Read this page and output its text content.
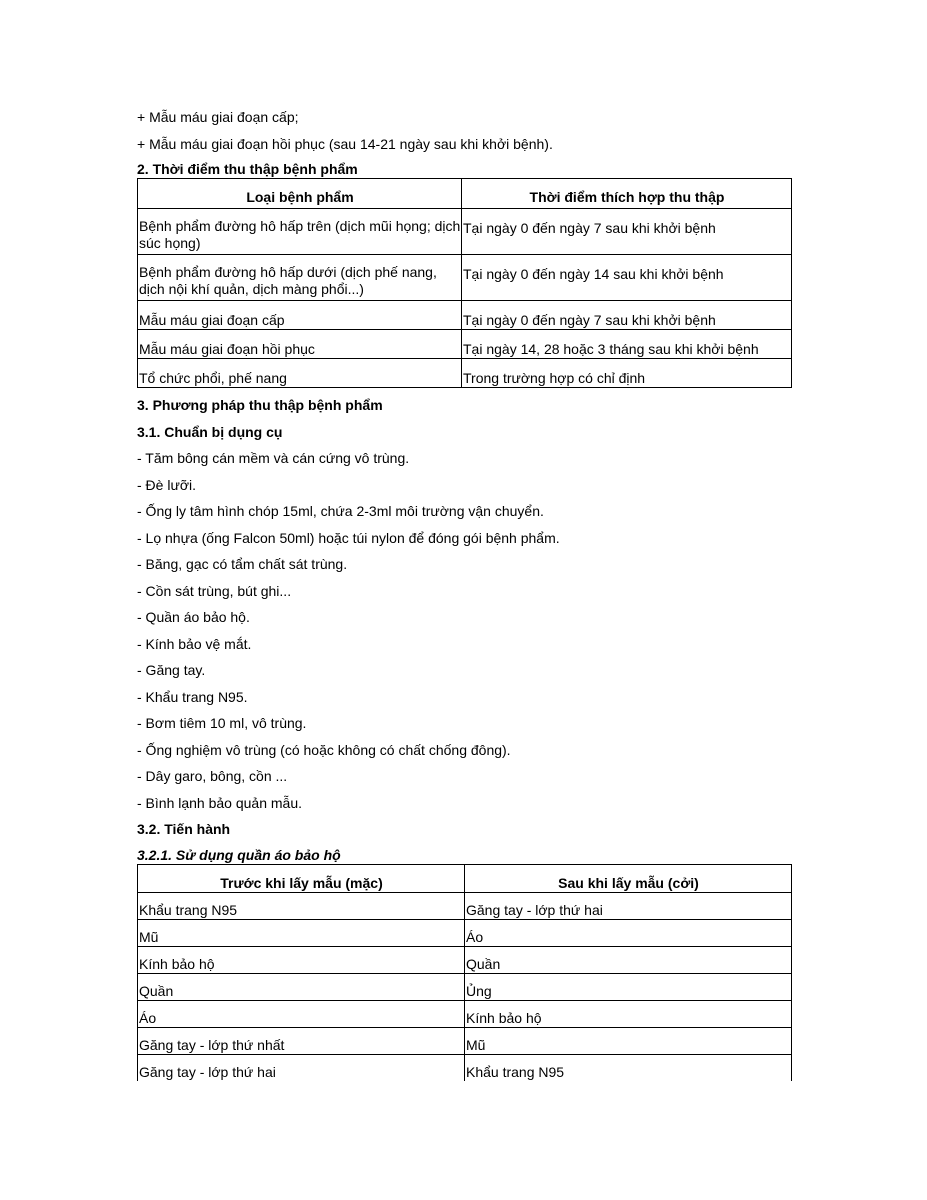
+ Mẫu máu giai đoạn cấp;

+ Mẫu máu giai đoạn hồi phục (sau 14-21 ngày sau khi khởi bệnh).

2. Thời điểm thu thập bệnh phẩm

Loại bệnh phẩm	Thời điểm thích hợp thu thập
Bệnh phẩm đường hô hấp trên (dịch mũi họng; dịch súc họng)	Tại ngày 0 đến ngày 7 sau khi khởi bệnh
Bệnh phẩm đường hô hấp dưới (dịch phế nang, dịch nội khí quản, dịch màng phổi...)	Tại ngày 0 đến ngày 14 sau khi khởi bệnh
Mẫu máu giai đoạn cấp	Tại ngày 0 đến ngày 7 sau khi khởi bệnh
Mẫu máu giai đoạn hồi phục	Tại ngày 14, 28 hoặc 3 tháng sau khi khởi bệnh
Tổ chức phổi, phế nang	Trong trường hợp có chỉ định

3. Phương pháp thu thập bệnh phẩm

3.1. Chuẩn bị dụng cụ

- Tăm bông cán mềm và cán cứng vô trùng.

- Đè lưỡi.

- Ống ly tâm hình chóp 15ml, chứa 2-3ml môi trường vận chuyển.

- Lọ nhựa (ống Falcon 50ml) hoặc túi nylon để đóng gói bệnh phẩm.

- Băng, gạc có tẩm chất sát trùng.

- Cồn sát trùng, bút ghi...

- Quần áo bảo hộ.

- Kính bảo vệ mắt.

- Găng tay.

- Khẩu trang N95.

- Bơm tiêm 10 ml, vô trùng.

- Ống nghiệm vô trùng (có hoặc không có chất chống đông).

- Dây garo, bông, cồn ...

- Bình lạnh bảo quản mẫu.

3.2. Tiến hành

3.2.1. Sử dụng quần áo bảo hộ

Trước khi lấy mẫu (mặc)	Sau khi lấy mẫu (cởi)
Khẩu trang N95	Găng tay - lớp thứ hai
Mũ	Áo
Kính bảo hộ	Quần
Quần	Ủng
Áo	Kính bảo hộ
Găng tay - lớp thứ nhất	Mũ
Găng tay - lớp thứ hai	Khẩu trang N95
